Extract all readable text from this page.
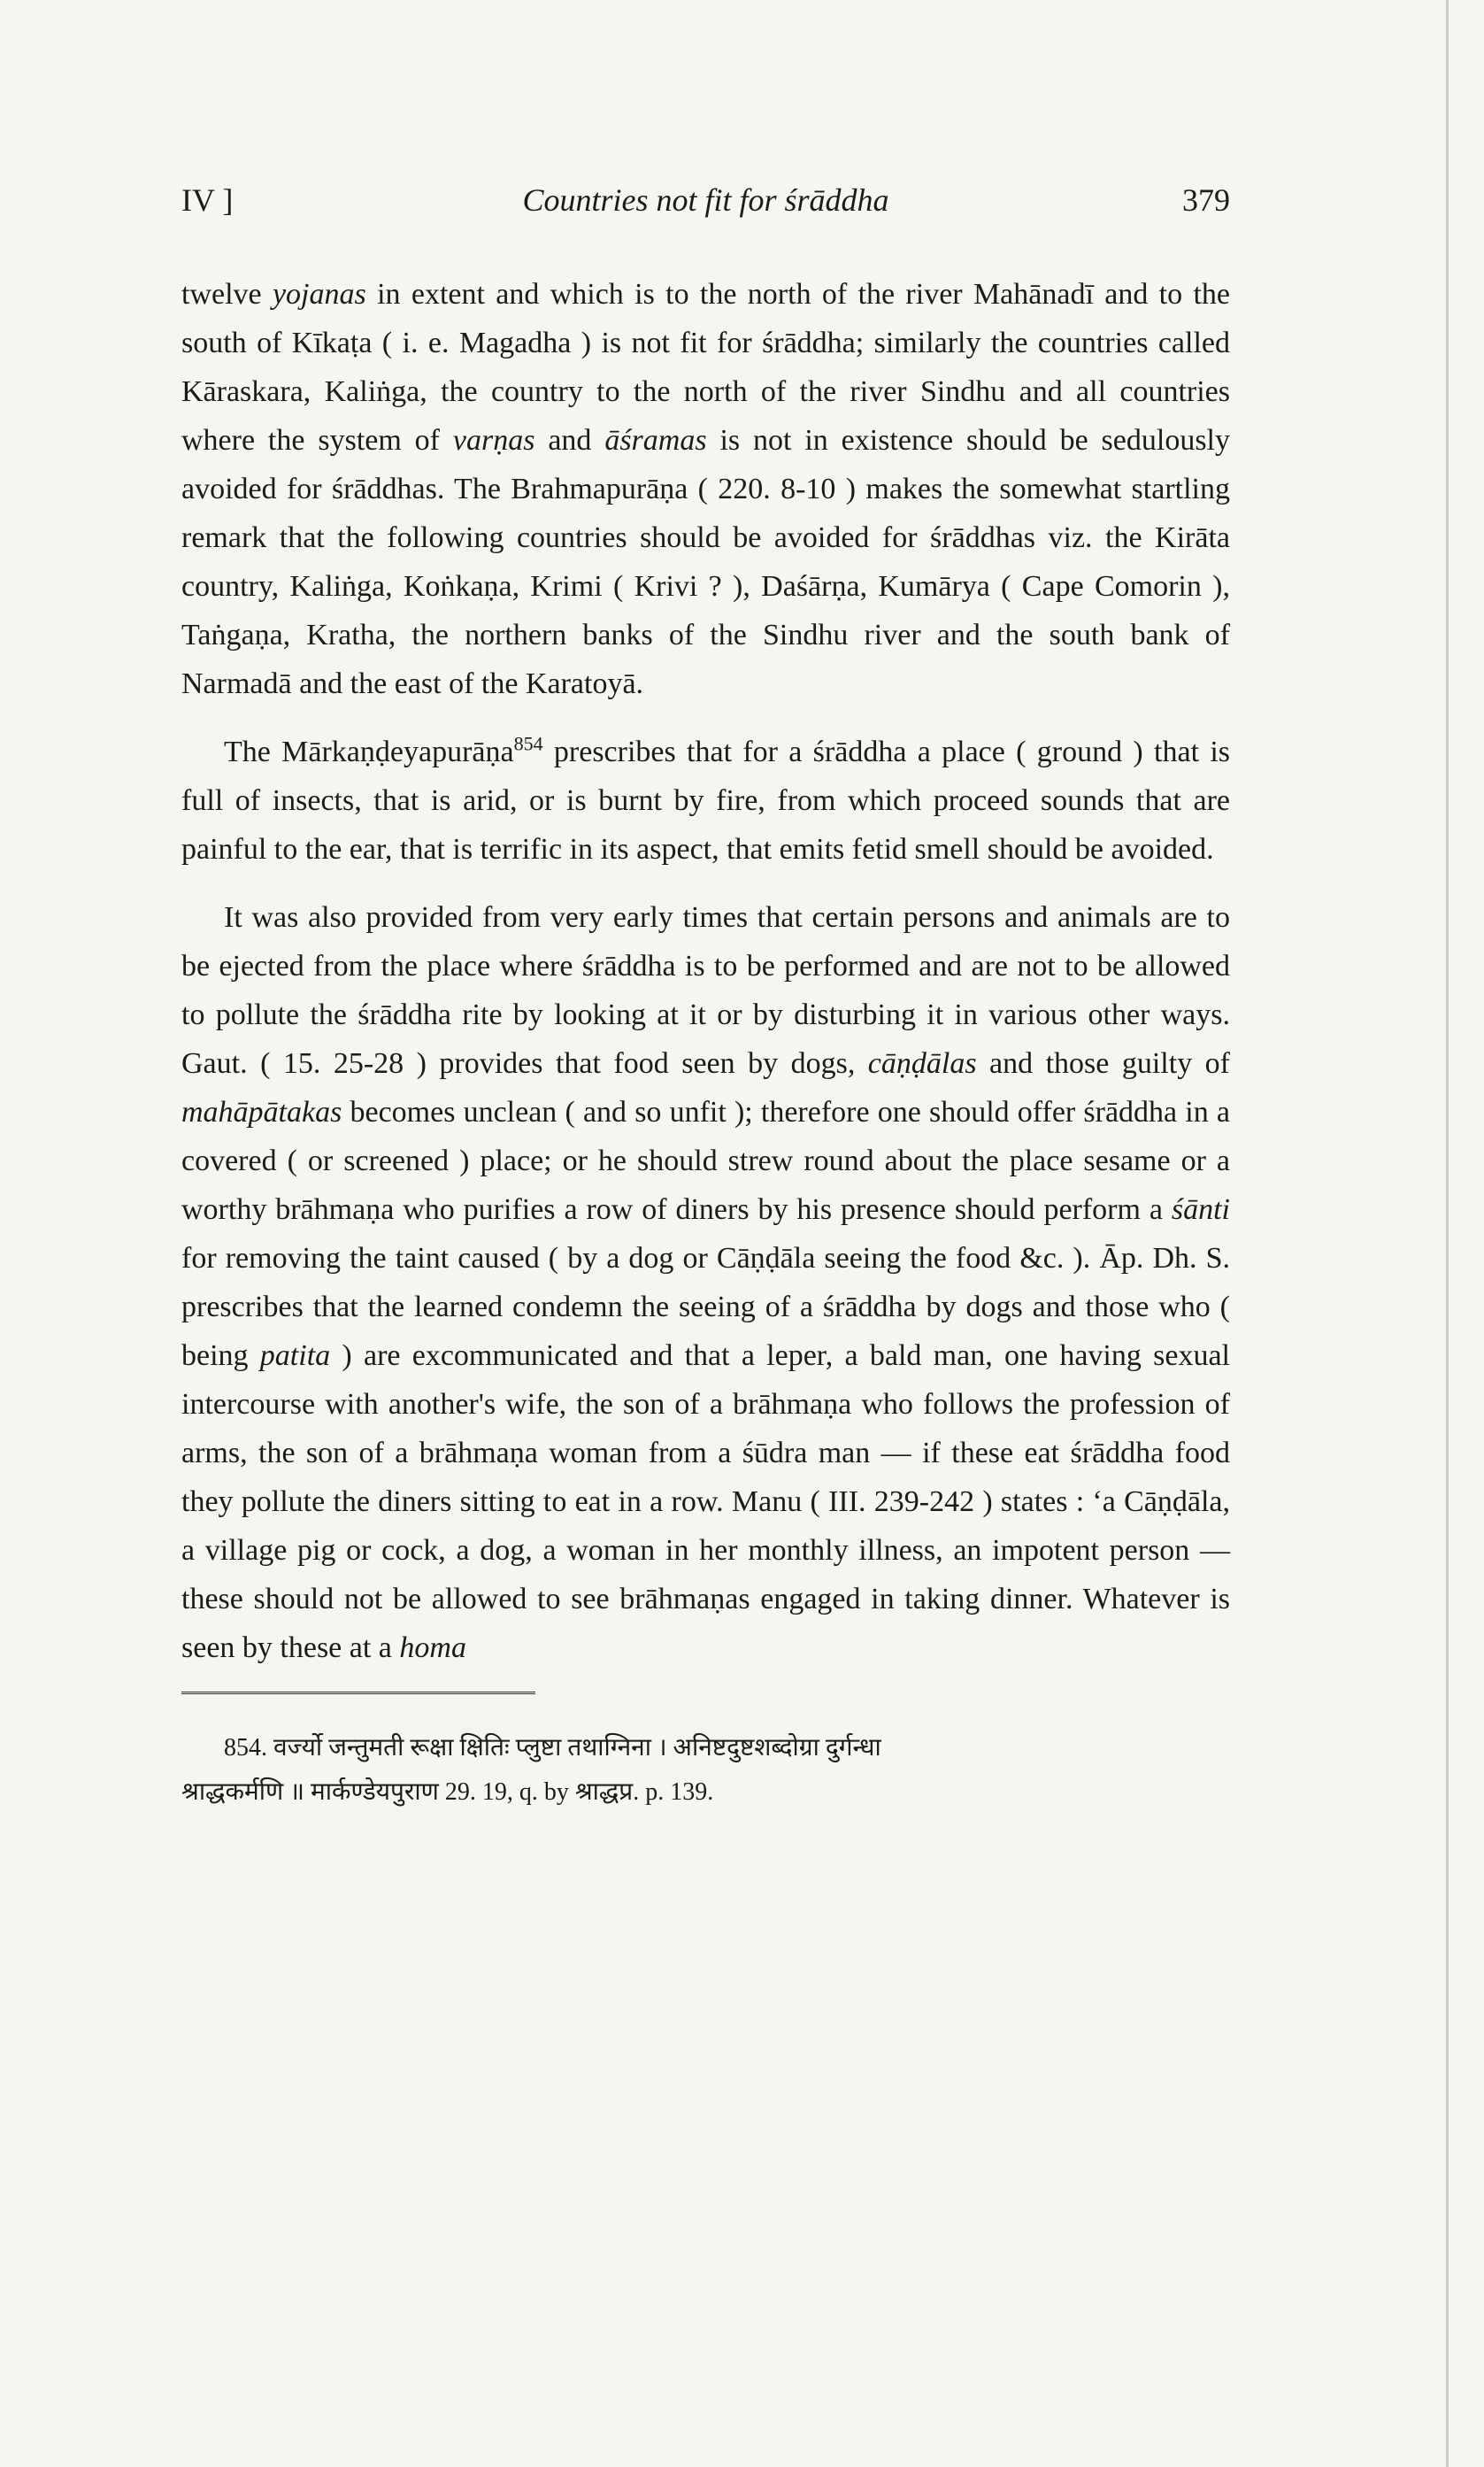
IV ]	Countries not fit for śrāddha	379

twelve yojanas in extent and which is to the north of the river Mahānadī and to the south of Kīkaṭa ( i. e. Magadha ) is not fit for śrāddha; similarly the countries called Kāraskara, Kaliṅga, the country to the north of the river Sindhu and all countries where the system of varṇas and āśramas is not in existence should be sedulously avoided for śrāddhas. The Brahmapurāṇa ( 220. 8-10 ) makes the somewhat startling remark that the following countries should be avoided for śrāddhas viz. the Kirāta country, Kaliṅga, Koṅkaṇa, Krimi ( Krivi ? ), Daśārṇa, Kumārya ( Cape Comorin ), Taṅgaṇa, Kratha, the northern banks of the Sindhu river and the south bank of Narmadā and the east of the Karatoyā.

The Mārkaṇḍeyapurāṇa$^{854}$ prescribes that for a śrāddha a place ( ground ) that is full of insects, that is arid, or is burnt by fire, from which proceed sounds that are painful to the ear, that is terrific in its aspect, that emits fetid smell should be avoided.

It was also provided from very early times that certain persons and animals are to be ejected from the place where śrāddha is to be performed and are not to be allowed to pollute the śrāddha rite by looking at it or by disturbing it in various other ways. Gaut. ( 15. 25-28 ) provides that food seen by dogs, cāṇḍālas and those guilty of mahāpātakas becomes unclean ( and so unfit ); therefore one should offer śrāddha in a covered ( or screened ) place; or he should strew round about the place sesame or a worthy brāhmaṇa who purifies a row of diners by his presence should perform a śānti for removing the taint caused ( by a dog or Cāṇḍāla seeing the food &c. ). Āp. Dh. S. prescribes that the learned condemn the seeing of a śrāddha by dogs and those who ( being patita ) are excommunicated and that a leper, a bald man, one having sexual intercourse with another's wife, the son of a brāhmaṇa who follows the profession of arms, the son of a brāhmaṇa woman from a śūdra man — if these eat śrāddha food they pollute the diners sitting to eat in a row. Manu ( III. 239-242 ) states : ‘a Cāṇḍāla, a village pig or cock, a dog, a woman in her monthly illness, an impotent person — these should not be allowed to see brāhmaṇas engaged in taking dinner. Whatever is seen by these at a homa

854. वर्ज्यो जन्तुमती रूक्षा क्षितिः प्लुष्टा तथाग्निना । अनिष्टदुष्टशब्दोग्रा दुर्गन्धा
श्राद्धकर्मणि ॥ मार्कण्डेयपुराण 29. 19, q. by श्राद्धप्र. p. 139.
